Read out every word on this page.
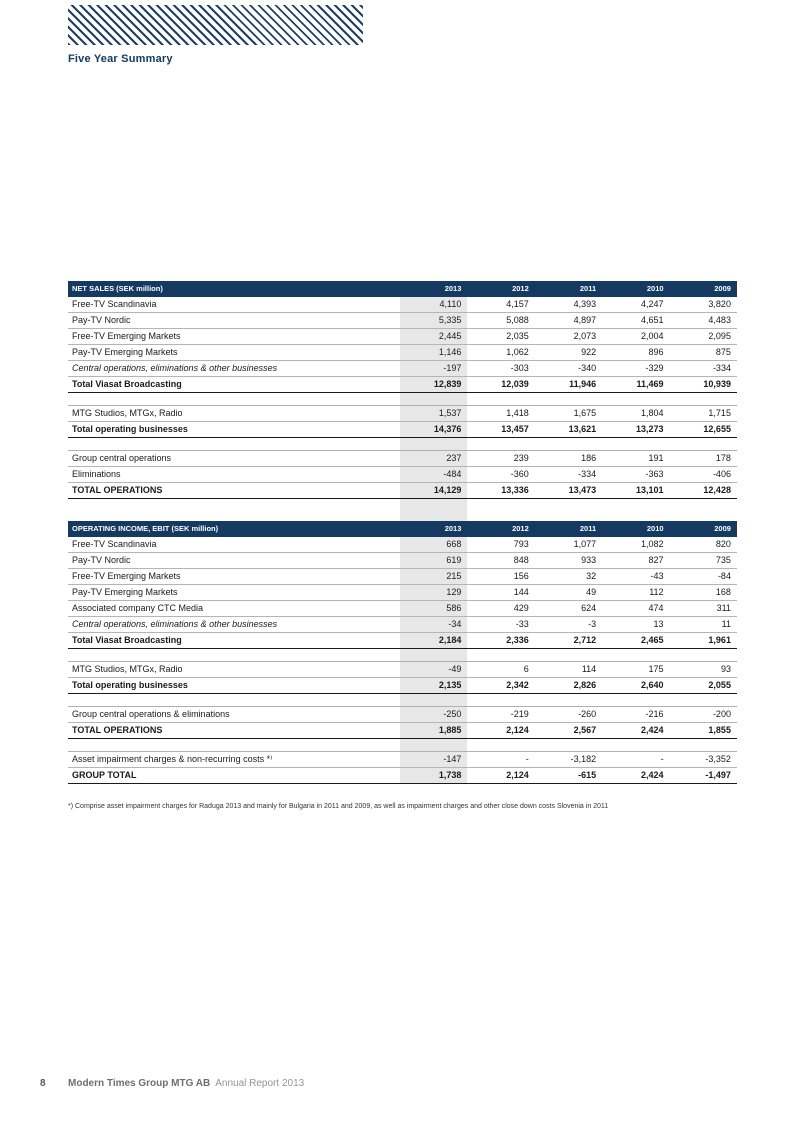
Five Year Summary
NET SALES (SEK million)	2013	2012	2011	2010	2009
Free-TV Scandinavia	4,110	4,157	4,393	4,247	3,820
Pay-TV Nordic	5,335	5,088	4,897	4,651	4,483
Free-TV Emerging Markets	2,445	2,035	2,073	2,004	2,095
Pay-TV Emerging Markets	1,146	1,062	922	896	875
Central operations, eliminations & other businesses	-197	-303	-340	-329	-334
Total Viasat Broadcasting	12,839	12,039	11,946	11,469	10,939
MTG Studios, MTGx, Radio	1,537	1,418	1,675	1,804	1,715
Total operating businesses	14,376	13,457	13,621	13,273	12,655
Group central operations	237	239	186	191	178
Eliminations	-484	-360	-334	-363	-406
TOTAL OPERATIONS	14,129	13,336	13,473	13,101	12,428
OPERATING INCOME, EBIT (SEK million)	2013	2012	2011	2010	2009
Free-TV Scandinavia	668	793	1,077	1,082	820
Pay-TV Nordic	619	848	933	827	735
Free-TV Emerging Markets	215	156	32	-43	-84
Pay-TV Emerging Markets	129	144	49	112	168
Associated company CTC Media	586	429	624	474	311
Central operations, eliminations & other businesses	-34	-33	-3	13	11
Total Viasat Broadcasting	2,184	2,336	2,712	2,465	1,961
MTG Studios, MTGx, Radio	-49	6	114	175	93
Total operating businesses	2,135	2,342	2,826	2,640	2,055
Group central operations & eliminations	-250	-219	-260	-216	-200
TOTAL OPERATIONS	1,885	2,124	2,567	2,424	1,855
Asset impairment charges & non-recurring costs *⁾	-147	-	-3,182	-	-3,352
GROUP TOTAL	1,738	2,124	-615	2,424	-1,497
*) Comprise asset impairment charges for Raduga 2013 and mainly for Bulgaria in 2011 and 2009, as well as impairment charges and other close down costs Slovenia in 2011
8	Modern Times Group MTG AB Annual Report 2013
